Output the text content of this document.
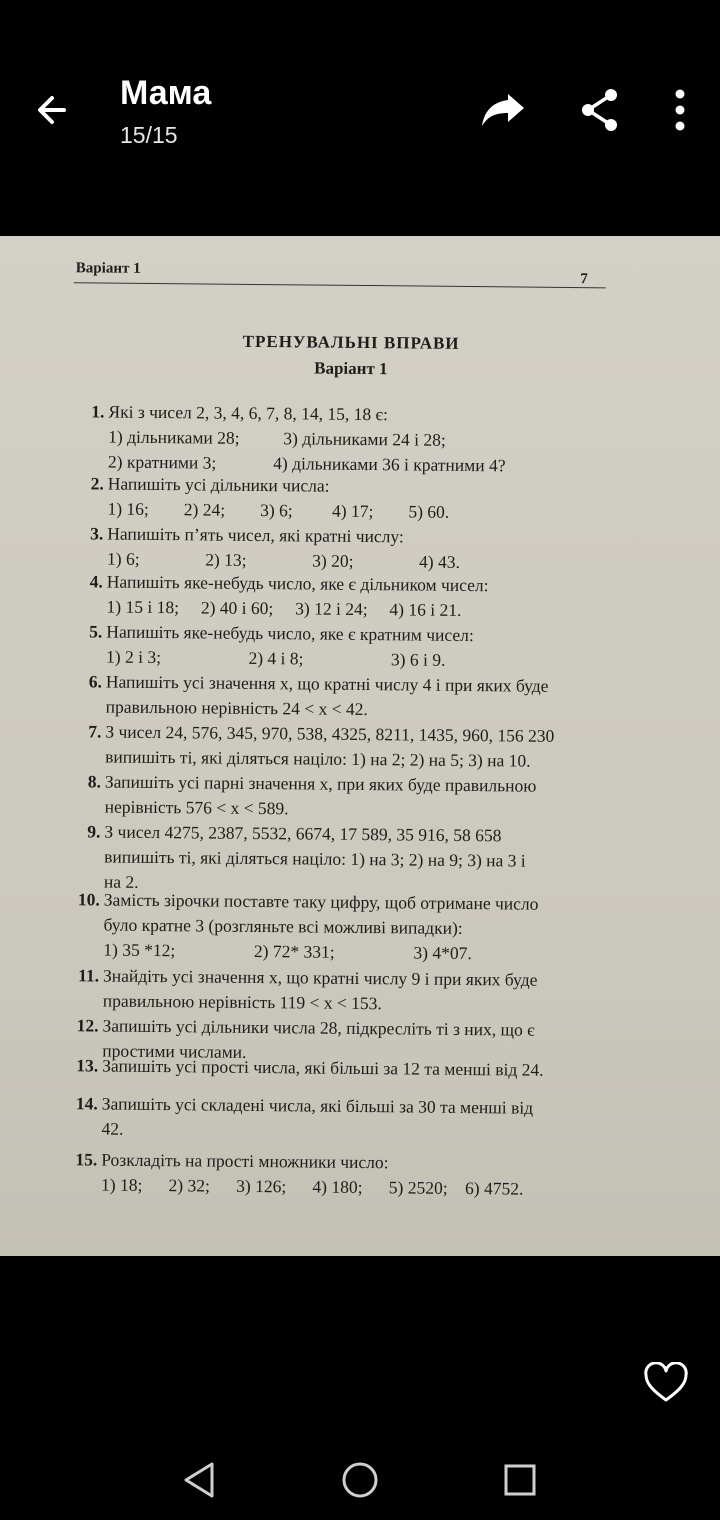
Мама
15/15
Варіант 1
7
ТРЕНУВАЛЬНІ ВПРАВИ
Варіант 1
1. Які з чисел 2, 3, 4, 6, 7, 8, 14, 15, 18 є:
1) дільниками 28;          3) дільниками 24 і 28;
2) кратними 3;             4) дільниками 36 і кратними 4?
2. Напишіть усі дільники числа:
1) 16;        2) 24;        3) 6;         4) 17;        5) 60.
3. Напишіть п’ять чисел, які кратні числу:
1) 6;               2) 13;               3) 20;               4) 43.
4. Напишіть яке-небудь число, яке є дільником чисел:
1) 15 і 18;     2) 40 і 60;     3) 12 і 24;     4) 16 і 21.
5. Напишіть яке-небудь число, яке є кратним чисел:
1) 2 і 3;                    2) 4 і 8;                    3) 6 і 9.
6. Напишіть усі значення x, що кратні числу 4 і при яких буде
правильною нерівність 24 < x < 42.
7. З чисел 24, 576, 345, 970, 538, 4325, 8211, 1435, 960, 156 230
випишіть ті, які діляться націло: 1) на 2; 2) на 5; 3) на 10.
8. Запишіть усі парні значення x, при яких буде правильною
нерівність 576 < x < 589.
9. З чисел 4275, 2387, 5532, 6674, 17 589, 35 916, 58 658
випишіть ті, які діляться націло: 1) на 3; 2) на 9; 3) на 3 і
на 2.
10. Замість зірочки поставте таку цифру, щоб отримане число
було кратне 3 (розгляньте всі можливі випадки):
1) 35 *12;                  2) 72* 331;                  3) 4*07.
11. Знайдіть усі значення x, що кратні числу 9 і при яких буде
правильною нерівність 119 < x < 153.
12. Запишіть усі дільники числа 28, підкресліть ті з них, що є
простими числами.
13. Запишіть усі прості числа, які більші за 12 та менші від 24.
14. Запишіть усі складені числа, які більші за 30 та менші від
42.
15. Розкладіть на прості множники число:
1) 18;      2) 32;      3) 126;      4) 180;      5) 2520;    6) 4752.
